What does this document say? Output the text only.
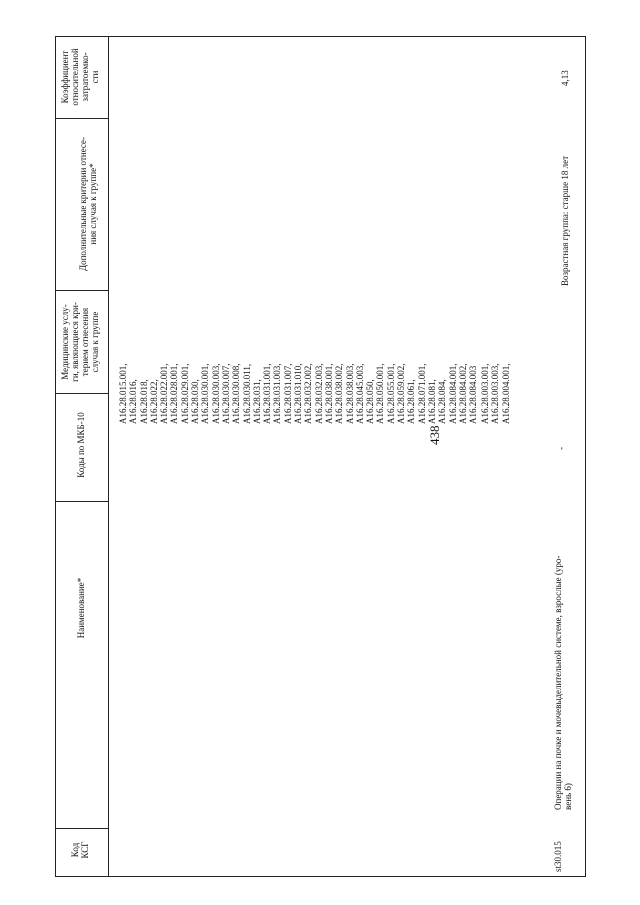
438
Коэффициент относительной затратоемко- сти
Дополнительные критерии отнесе- ния случая к группе*
Медицинские услу- ги, являющиеся кри- терием отнесения случая к группе
Коды по МКБ-10
Наименование*
Код КСГ
A16.28.015.001, A16.28.016, A16.28.018, A16.28.022, A16.28.022.001, A16.28.028.001, A16.28.029.001, A16.28.030, A16.28.030.001, A16.28.030.003, A16.28.030.007, A16.28.030.008, A16.28.030.011, A16.28.031, A16.28.031.001, A16.28.031.003, A16.28.031.007, A16.28.031.010, A16.28.032.002, A16.28.032.003, A16.28.038.001, A16.28.038.002, A16.28.038.003, A16.28.045.003, A16.28.050, A16.28.050.001, A16.28.055.001, A16.28.059.002, A16.28.061, A16.28.071.001, A16.28.081, A16.28.084, A16.28.084.001, A16.28.084.002, A16.28.084.003 A16.28.003.001, A16.28.003.003, A16.28.004.001,
st30.015
Операции на почке и мочевыделительной системе, взрослые (уро- вень 6)
-
Возрастная группа: старше 18 лет
4,13
